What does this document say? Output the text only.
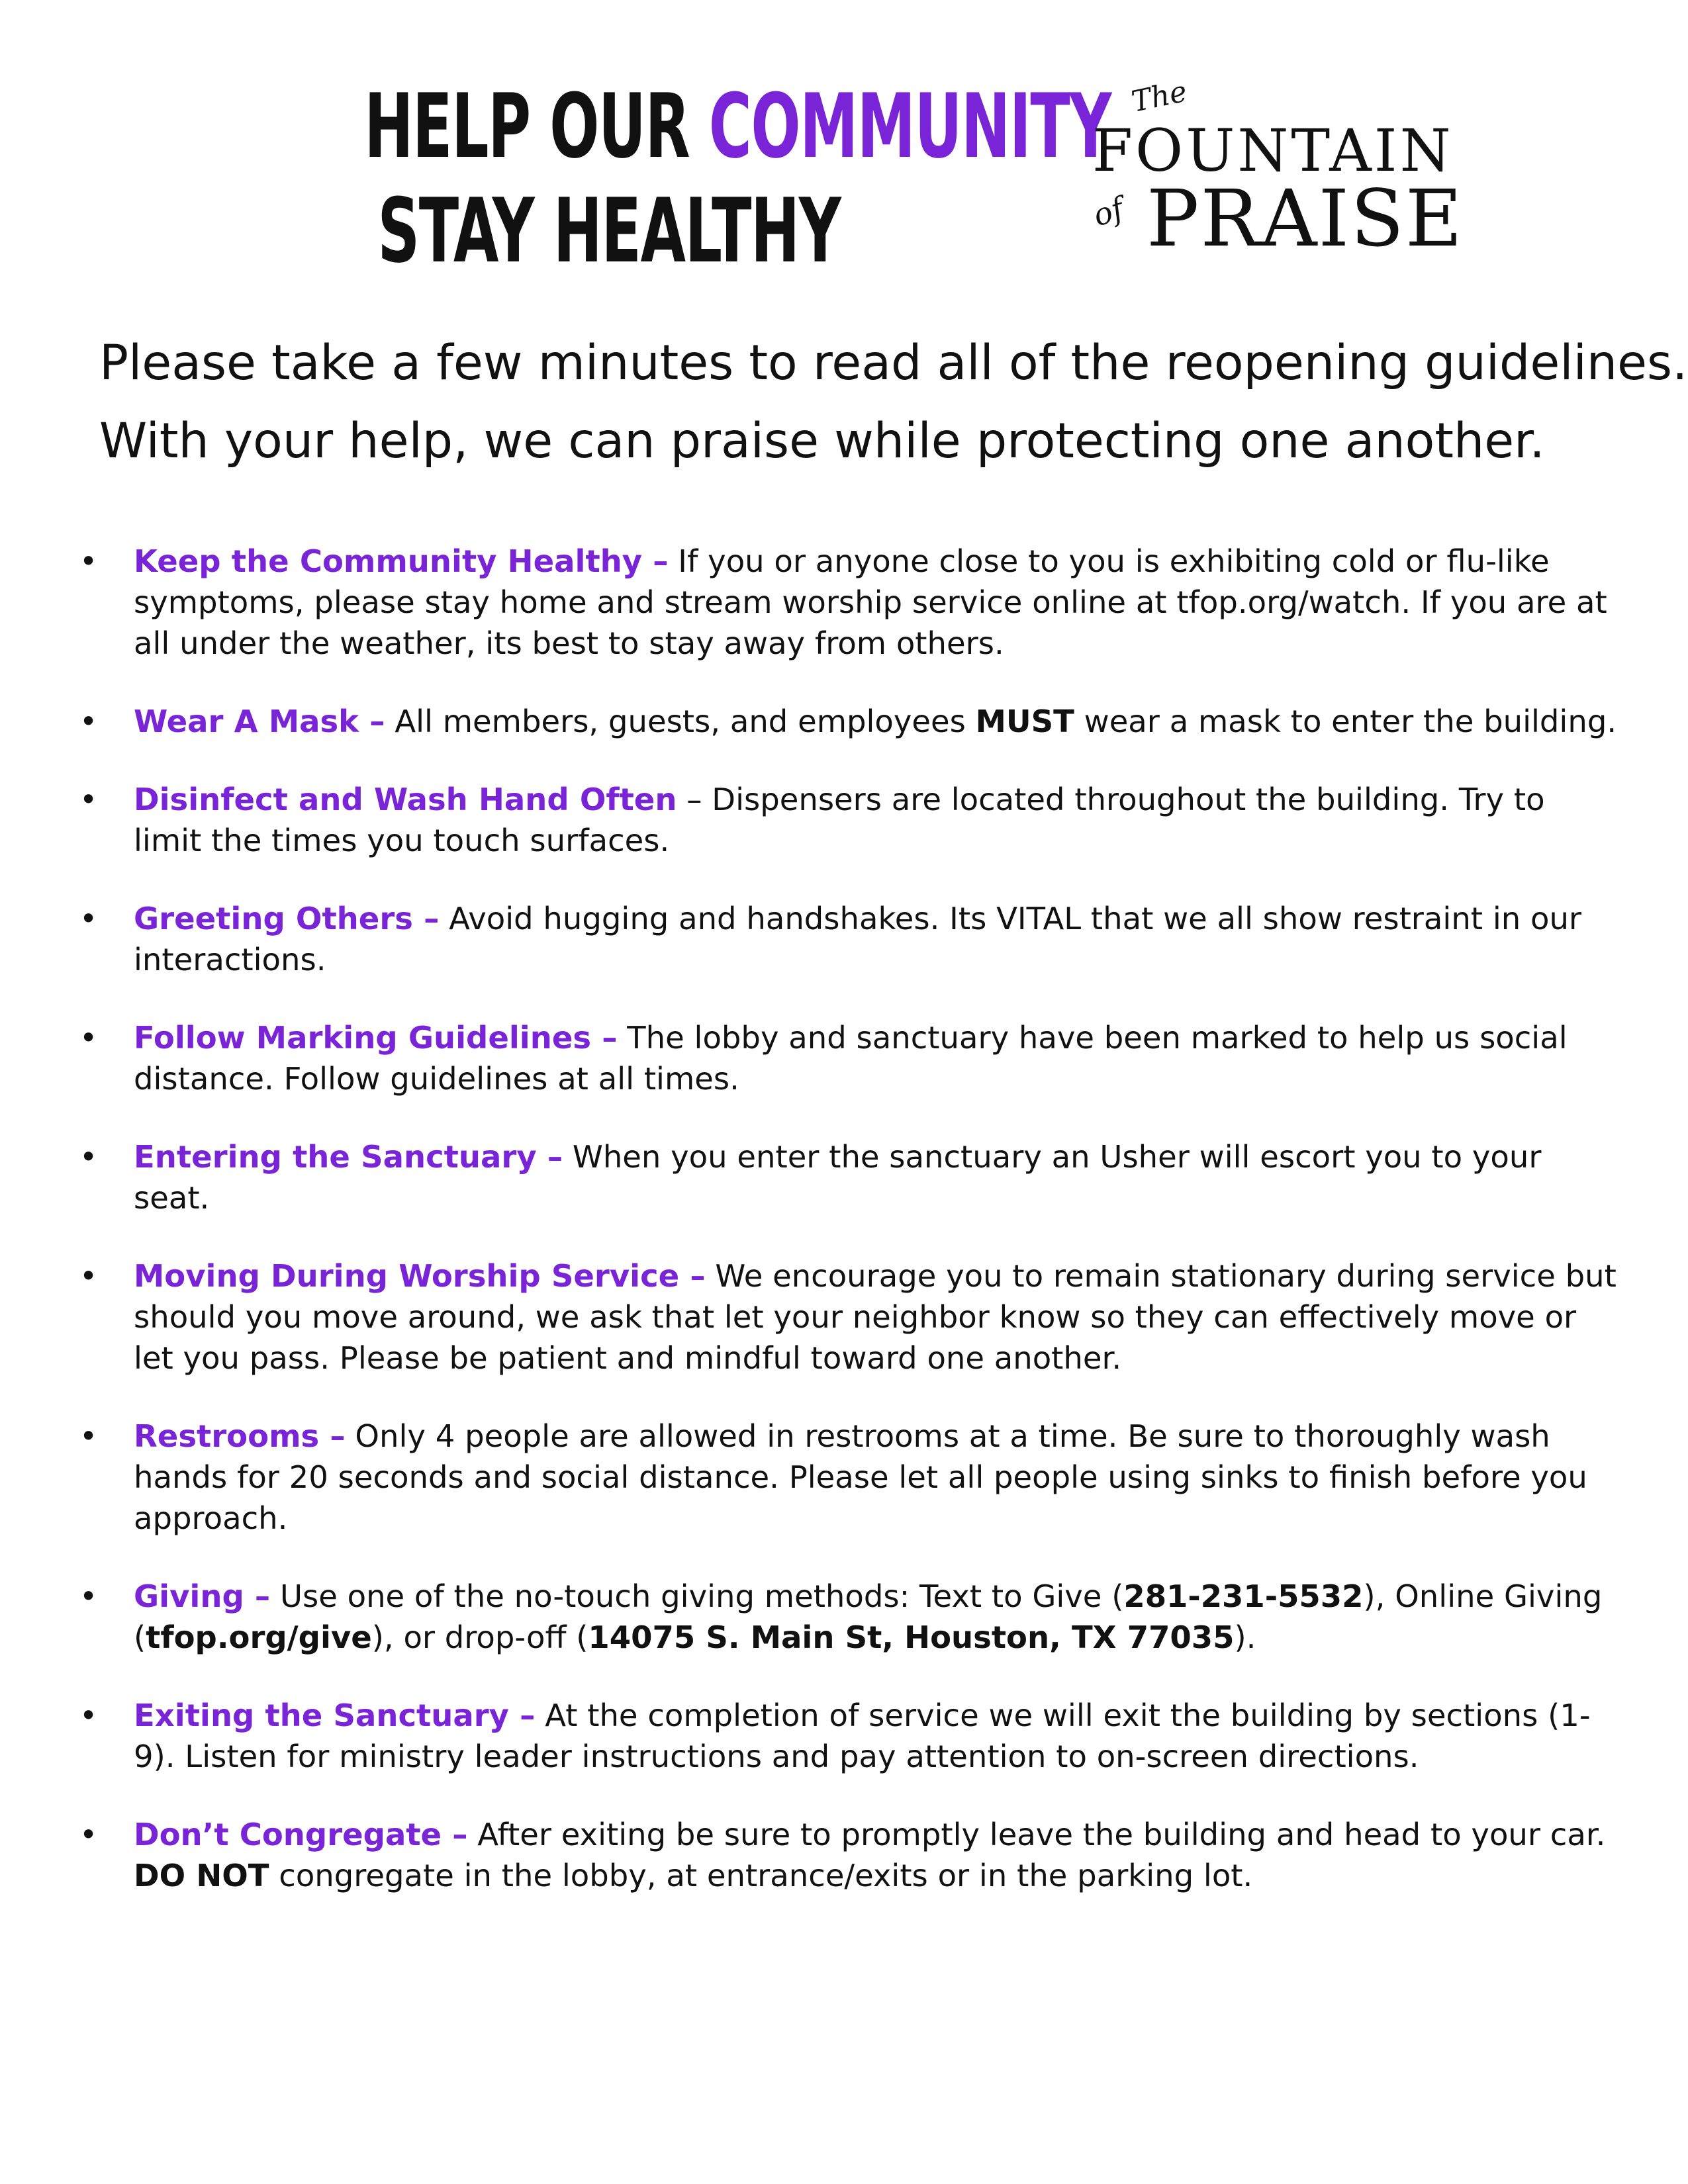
HELP OUR COMMUNITY
STAY HEALTHY
The
FOUNTAIN
of PRAISE

Please take a few minutes to read all of the reopening guidelines.

With your help, we can praise while protecting one another.

•	Keep the Community Healthy – If you or anyone close to you is exhibiting cold or flu-like symptoms, please stay home and stream worship service online at tfop.org/watch. If you are at all under the weather, its best to stay away from others.
•	Wear A Mask – All members, guests, and employees MUST wear a mask to enter the building.
•	Disinfect and Wash Hand Often – Dispensers are located throughout the building. Try to limit the times you touch surfaces.
•	Greeting Others – Avoid hugging and handshakes. Its VITAL that we all show restraint in our interactions.
•	Follow Marking Guidelines – The lobby and sanctuary have been marked to help us social distance. Follow guidelines at all times.
•	Entering the Sanctuary – When you enter the sanctuary an Usher will escort you to your seat.
•	Moving During Worship Service – We encourage you to remain stationary during service but should you move around, we ask that let your neighbor know so they can effectively move or let you pass. Please be patient and mindful toward one another.
•	Restrooms – Only 4 people are allowed in restrooms at a time. Be sure to thoroughly wash hands for 20 seconds and social distance. Please let all people using sinks to finish before you approach.
•	Giving – Use one of the no-touch giving methods: Text to Give (281-231-5532), Online Giving (tfop.org/give), or drop-off (14075 S. Main St, Houston, TX 77035).
•	Exiting the Sanctuary – At the completion of service we will exit the building by sections (1-9). Listen for ministry leader instructions and pay attention to on-screen directions.
•	Don’t Congregate – After exiting be sure to promptly leave the building and head to your car. DO NOT congregate in the lobby, at entrance/exits or in the parking lot.
